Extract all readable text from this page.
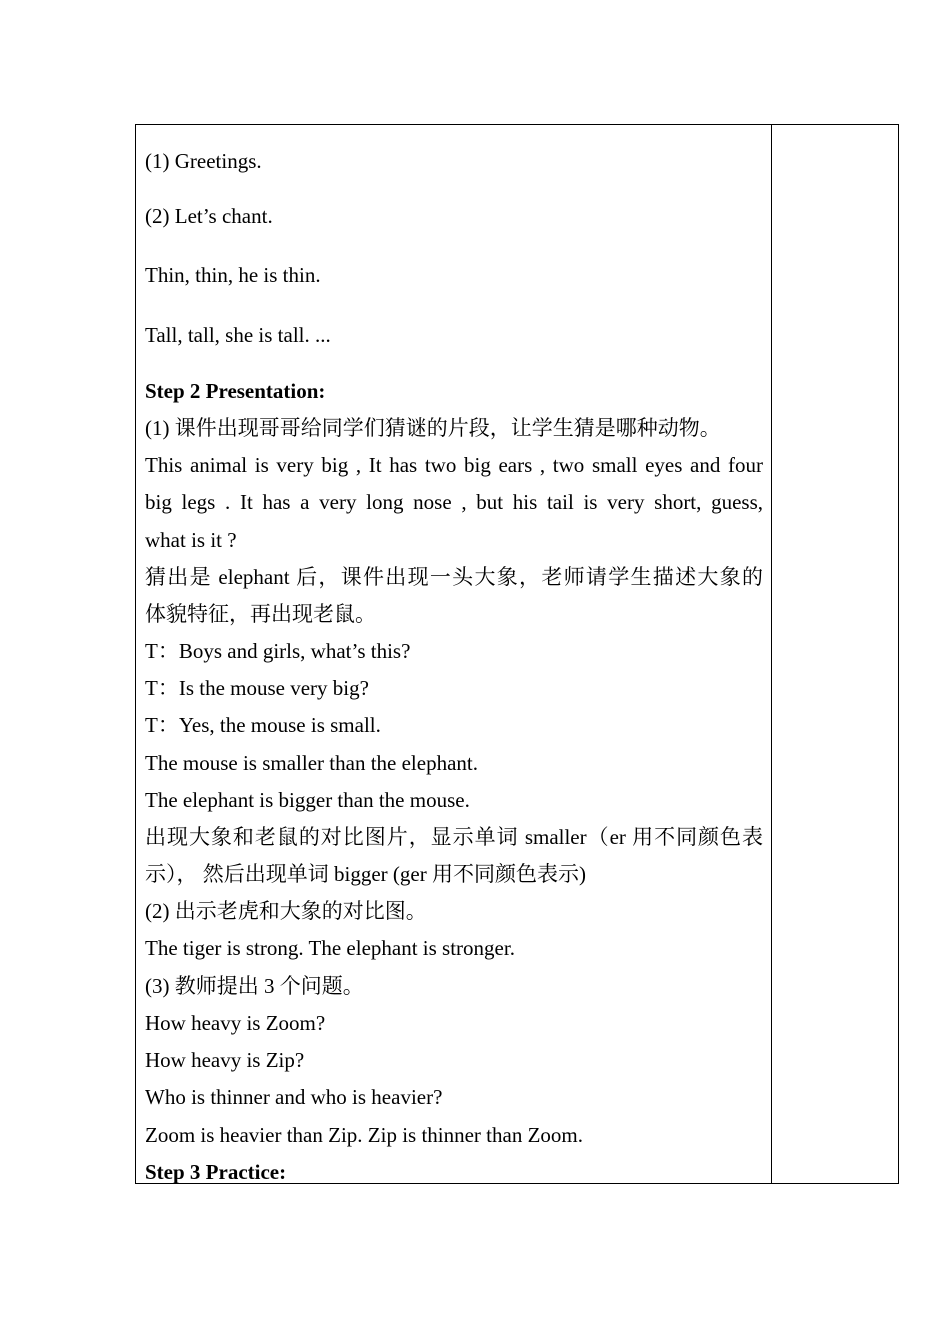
(1) Greetings.
(2) Let’s chant.
Thin, thin, he is thin.
Tall, tall, she is tall. ...
Step 2 Presentation:
(1) 课件出现哥哥给同学们猜谜的片段，让学生猜是哪种动物。
This animal is very big , It has two big ears , two small eyes and four
big legs . It has a very long nose , but his tail is very short, guess,
what is it ?
猜出是 elephant 后，课件出现一头大象，老师请学生描述大象的
体貌特征，再出现老鼠。
T：Boys and girls, what’s this?
T：Is the mouse very big?
T：Yes, the mouse is small.
The mouse is smaller than the elephant.
The elephant is bigger than the mouse.
出现大象和老鼠的对比图片，显示单词 smaller（er 用不同颜色表
示）， 然后出现单词 bigger (ger 用不同颜色表示)
(2) 出示老虎和大象的对比图。
The tiger is strong. The elephant is stronger.
(3) 教师提出 3 个问题。
How heavy is Zoom?
How heavy is Zip?
Who is thinner and who is heavier?
Zoom is heavier than Zip. Zip is thinner than Zoom.
Step 3 Practice:
